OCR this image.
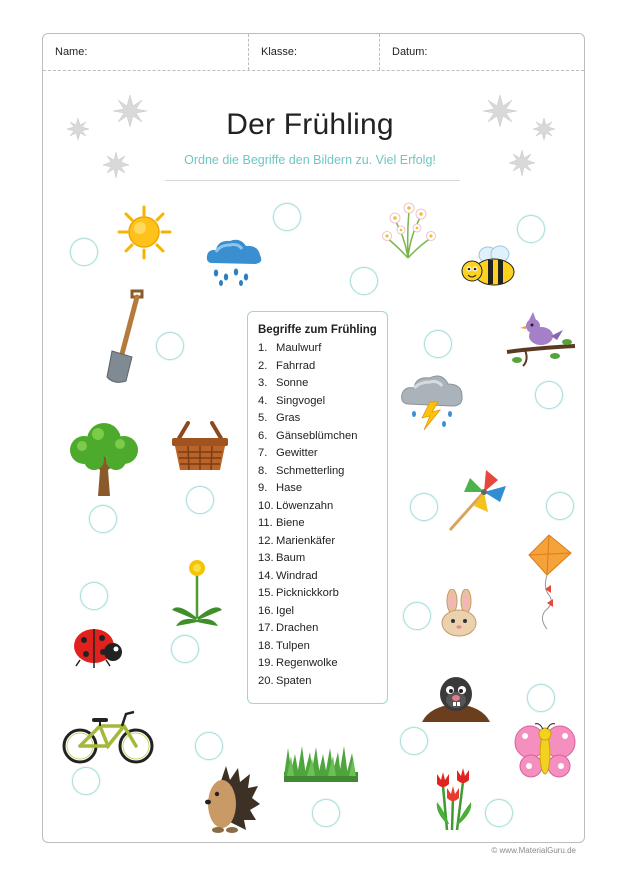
Name:	Klasse:	Datum:
Der Frühling
Ordne die Begriffe den Bildern zu. Viel Erfolg!
Begriffe zum Frühling
1. Maulwurf
2. Fahrrad
3. Sonne
4. Singvogel
5. Gras
6. Gänseblümchen
7. Gewitter
8. Schmetterling
9. Hase
10. Löwenzahn
11. Biene
12. Marienkäfer
13. Baum
14. Windrad
15. Picknickkorb
16. Igel
17. Drachen
18. Tulpen
19. Regenwolke
20. Spaten
© www.MaterialGuru.de
